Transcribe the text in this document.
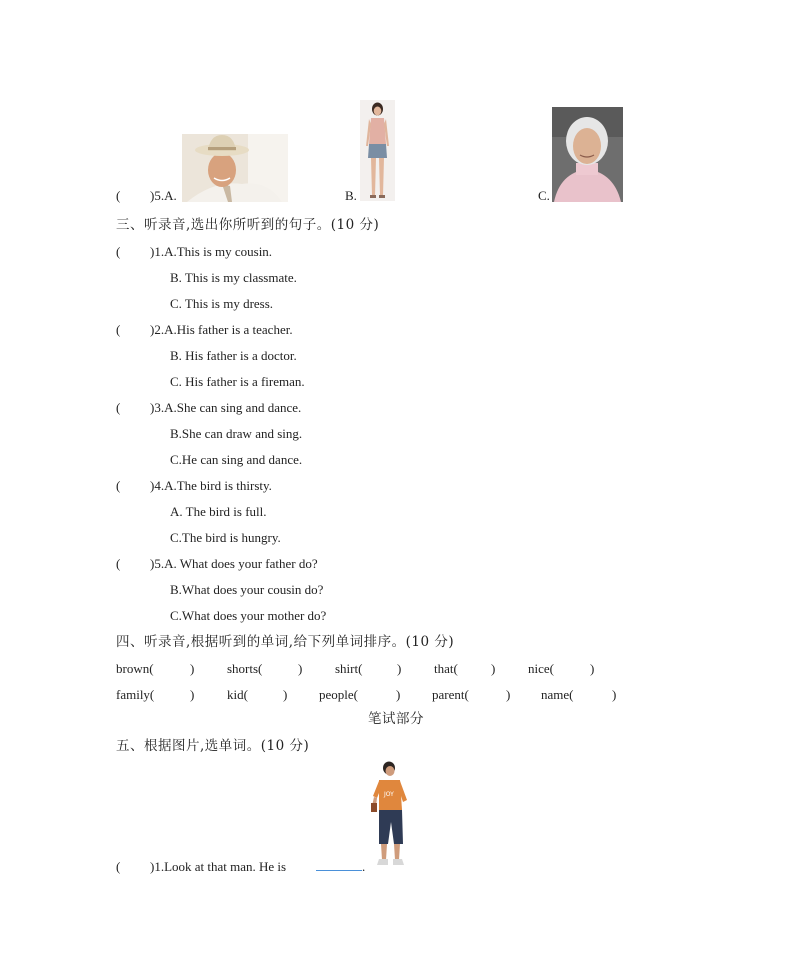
( )5.A.	B.	C.
三、听录音,选出你所听到的句子。(10 分)
( )1.A.This is my cousin.
B. This is my classmate.
C. This is my dress.
( )2.A.His father is a teacher.
B. His father is a doctor.
C. His father is a fireman.
( )3.A.She can sing and dance.
B.She can draw and sing.
C.He can sing and dance.
( )4.A.The bird is thirsty.
A. The bird is full.
C.The bird is hungry.
( )5.A. What does your father do?
B.What does your cousin do?
C.What does your mother do?
四、听录音,根据听到的单词,给下列单词排序。(10 分)
brown(	)	shorts(	)	shirt(	)	that(	)	nice(	)
family(	)	kid(	) people(	) parent(	) name(	)
笔试部分
五、根据图片,选单词。(10 分)
JOY
( )1.Look at that man. He is	.
